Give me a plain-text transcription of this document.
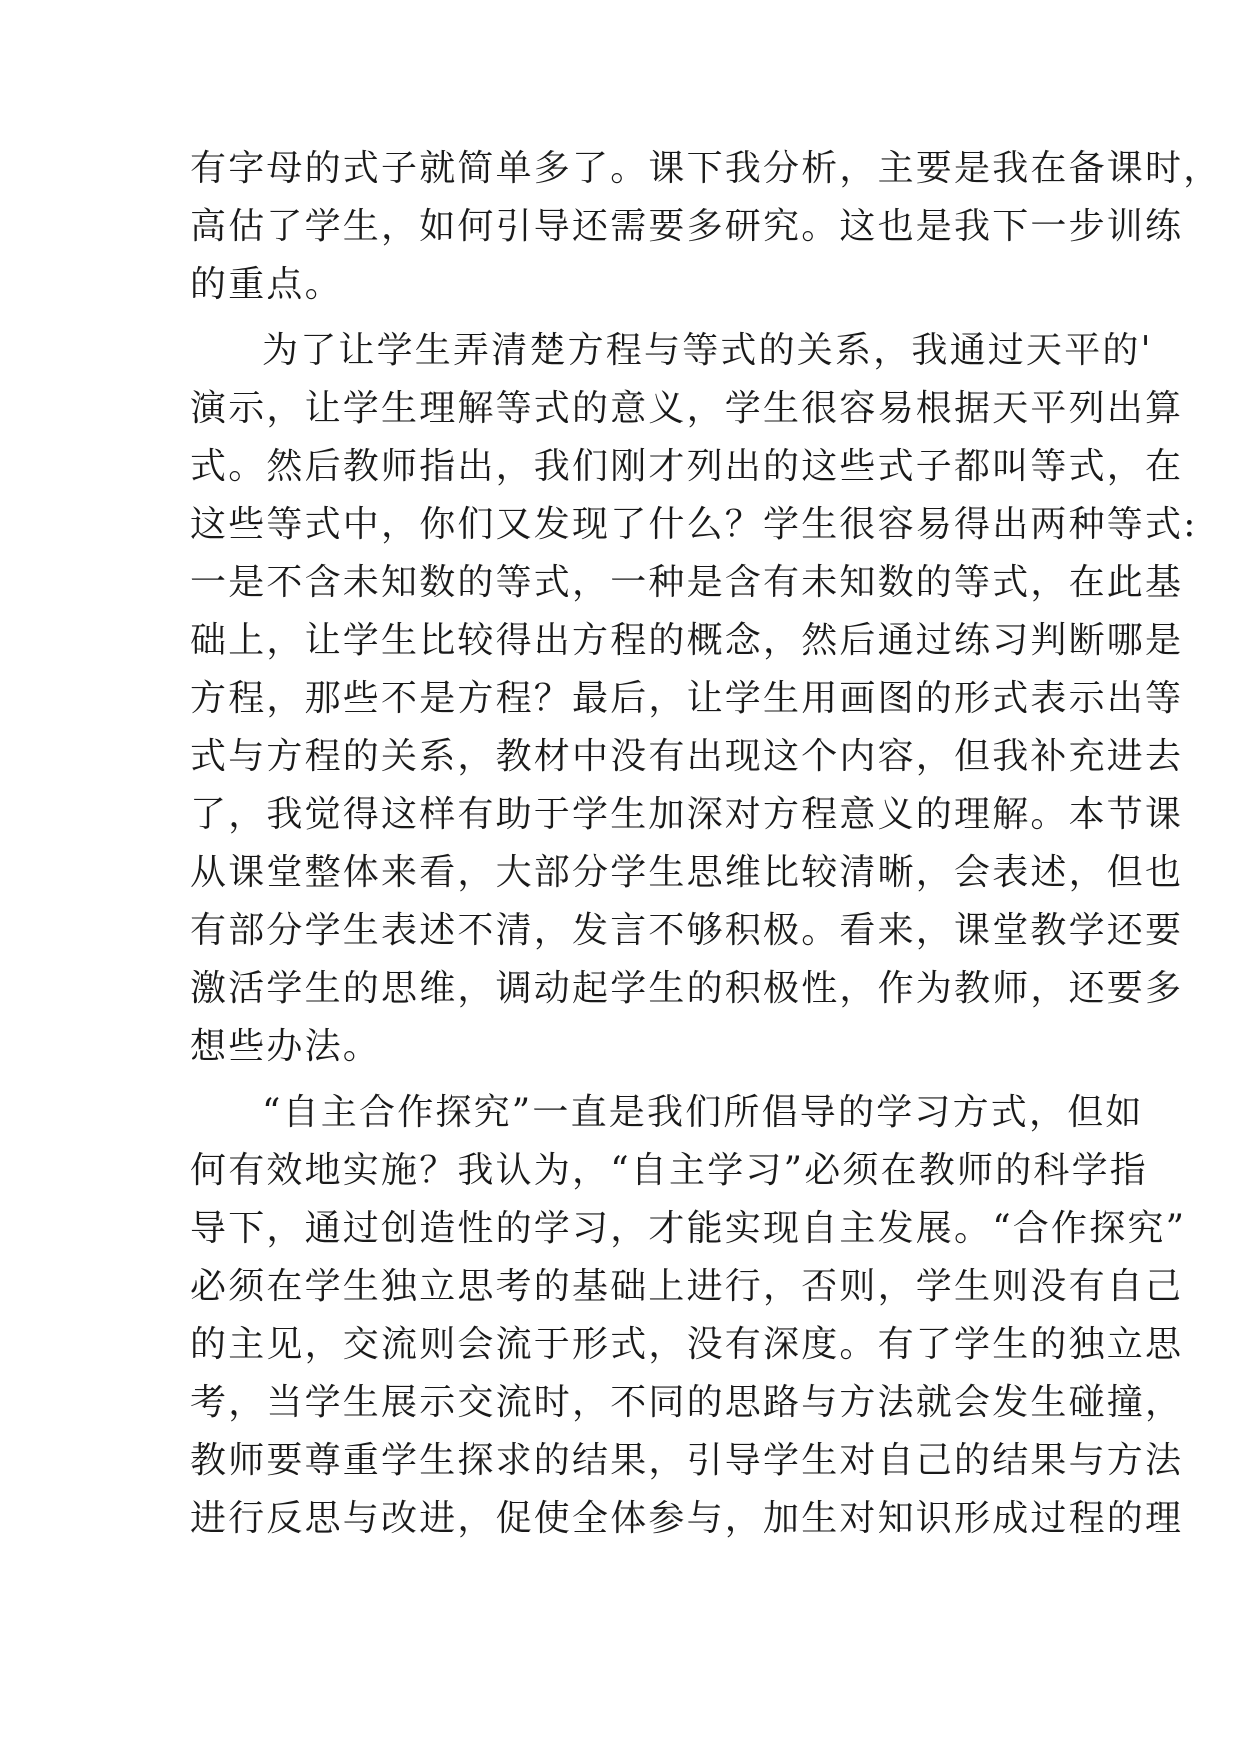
有字母的式子就简单多了。课下我分析，主要是我在备课时，
高估了学生，如何引导还需要多研究。这也是我下一步训练
的重点。
为了让学生弄清楚方程与等式的关系，我通过天平的'
演示，让学生理解等式的意义，学生很容易根据天平列出算
式。然后教师指出，我们刚才列出的这些式子都叫等式，在
这些等式中，你们又发现了什么？学生很容易得出两种等式:
一是不含未知数的等式，一种是含有未知数的等式，在此基
础上，让学生比较得出方程的概念，然后通过练习判断哪是
方程，那些不是方程？最后，让学生用画图的形式表示出等
式与方程的关系，教材中没有出现这个内容，但我补充进去
了，我觉得这样有助于学生加深对方程意义的理解。本节课
从课堂整体来看，大部分学生思维比较清晰，会表述，但也
有部分学生表述不清，发言不够积极。看来，课堂教学还要
激活学生的思维，调动起学生的积极性，作为教师，还要多
想些办法。
“自主合作探究”一直是我们所倡导的学习方式，但如
何有效地实施？我认为，“自主学习”必须在教师的科学指
导下，通过创造性的学习，才能实现自主发展。“合作探究”
必须在学生独立思考的基础上进行，否则，学生则没有自己
的主见，交流则会流于形式，没有深度。有了学生的独立思
考，当学生展示交流时，不同的思路与方法就会发生碰撞，
教师要尊重学生探求的结果，引导学生对自己的结果与方法
进行反思与改进，促使全体参与，加生对知识形成过程的理
